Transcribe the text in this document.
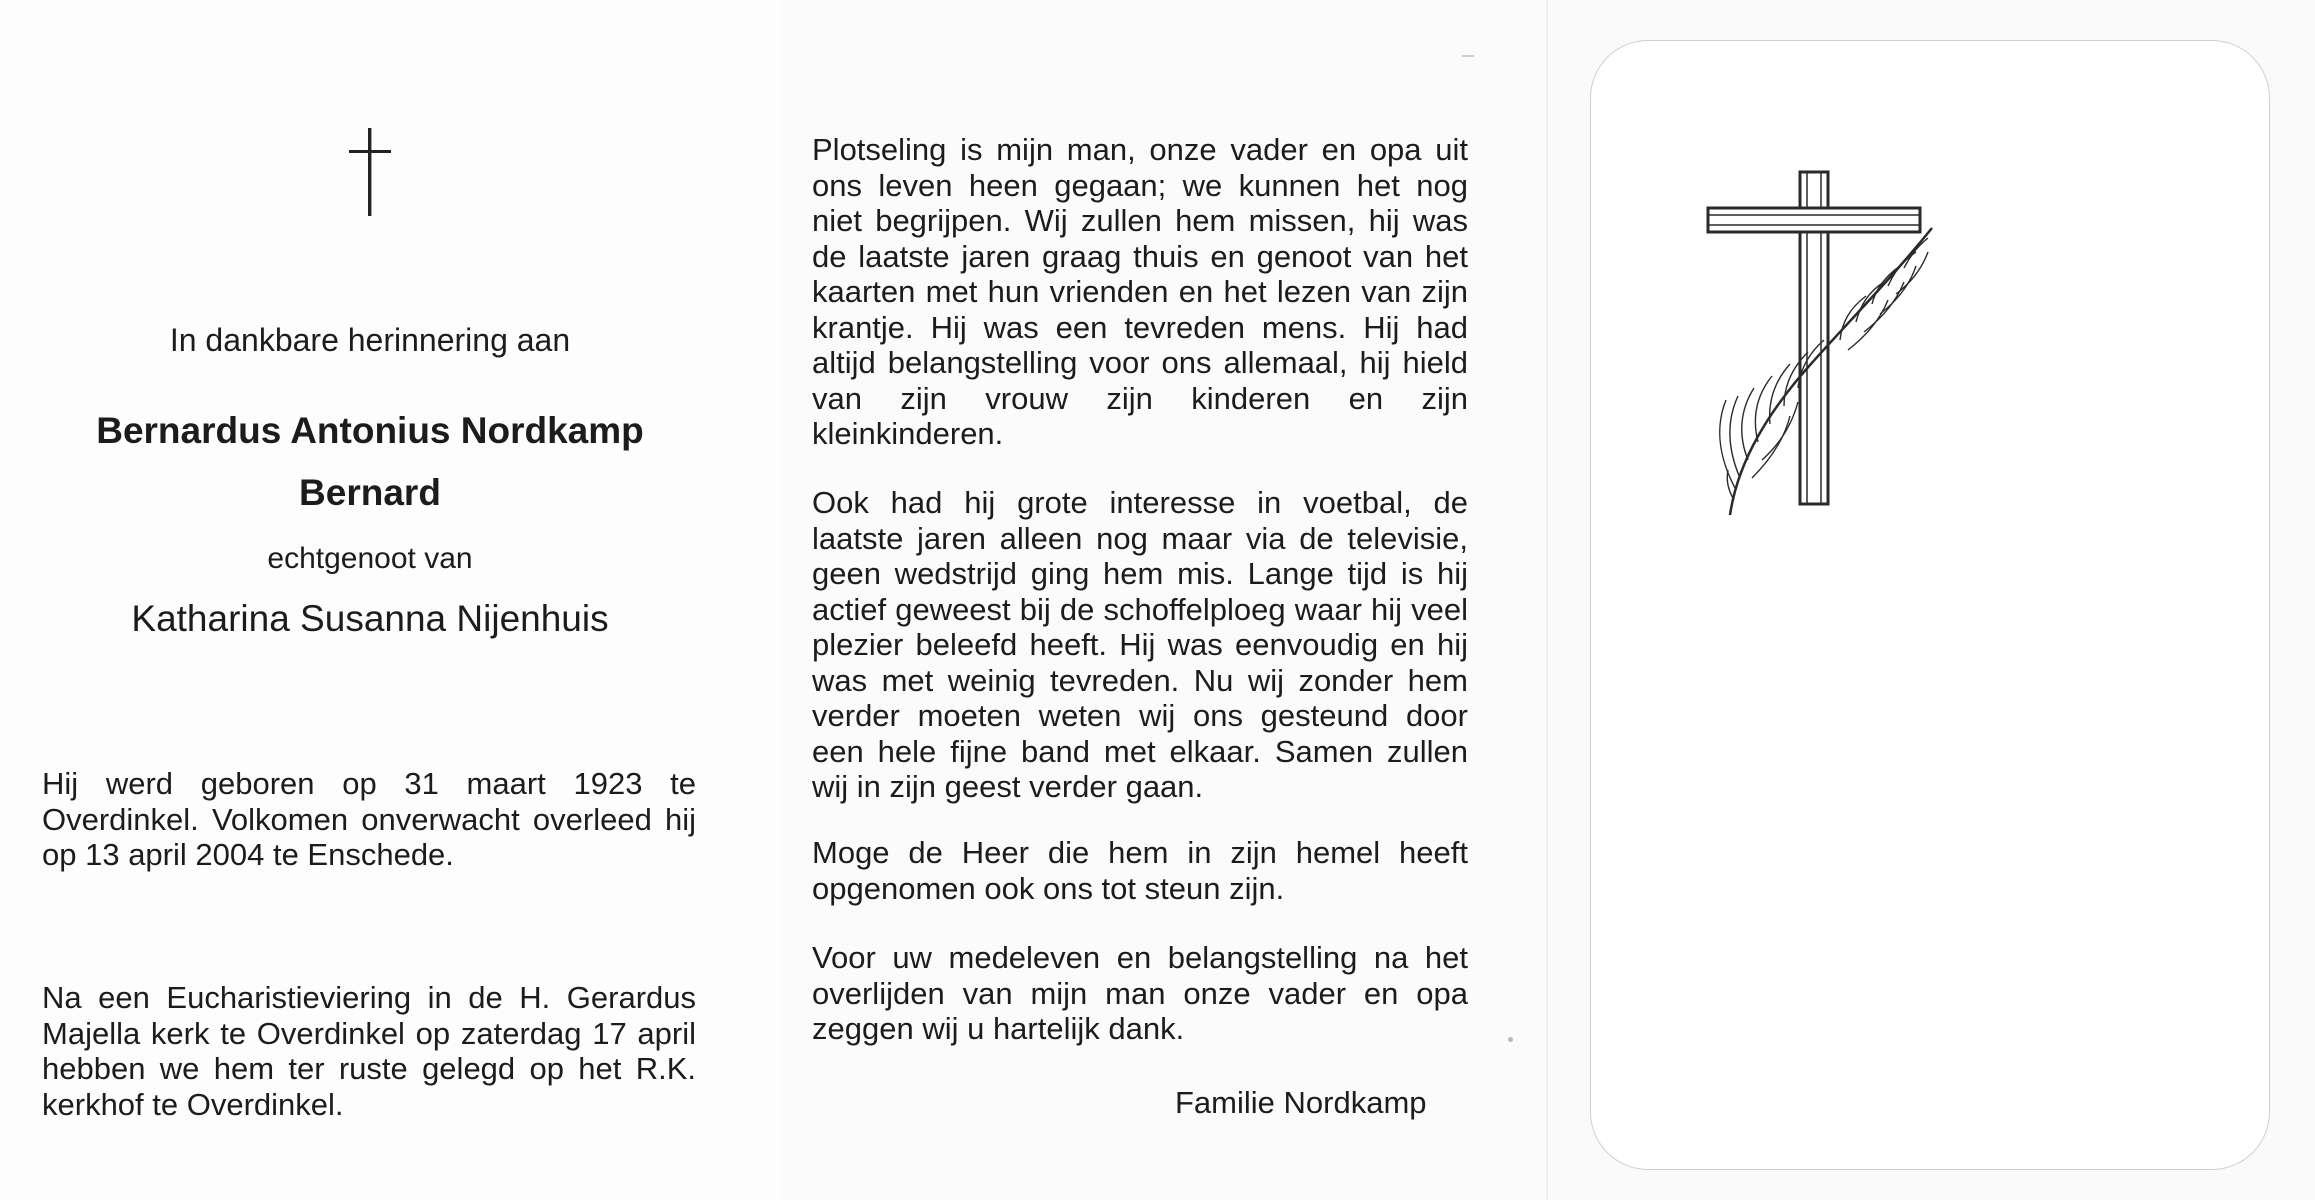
In dankbare herinnering aan
Bernardus Antonius Nordkamp
Bernard
echtgenoot van
Katharina Susanna Nijenhuis
Hij werd geboren op 31 maart 1923 te Overdinkel. Volkomen onverwacht overleed hij op 13 april 2004 te Enschede.
Na een Eucharistieviering in de H. Gerardus Majella kerk te Overdinkel op zaterdag 17 april hebben we hem ter ruste gelegd op het R.K. kerkhof te Overdinkel.
Plotseling is mijn man, onze vader en opa uit ons leven heen gegaan; we kunnen het nog niet begrijpen. Wij zullen hem missen, hij was de laatste jaren graag thuis en genoot van het kaarten met hun vrienden en het lezen van zijn krantje. Hij was een tevreden mens. Hij had altijd belangstelling voor ons allemaal, hij hield van zijn vrouw zijn kinderen en zijn kleinkinderen.
Ook had hij grote interesse in voetbal, de laatste jaren alleen nog maar via de televisie, geen wedstrijd ging hem mis. Lange tijd is hij actief geweest bij de schoffelploeg waar hij veel plezier beleefd heeft. Hij was eenvoudig en hij was met weinig tevreden. Nu wij zonder hem verder moeten weten wij ons gesteund door een hele fijne band met elkaar. Samen zullen wij in zijn geest verder gaan.
Moge de Heer die hem in zijn hemel heeft opgenomen ook ons tot steun zijn.
Voor uw medeleven en belangstelling na het overlijden van mijn man onze vader en opa zeggen wij u hartelijk dank.
Familie Nordkamp
